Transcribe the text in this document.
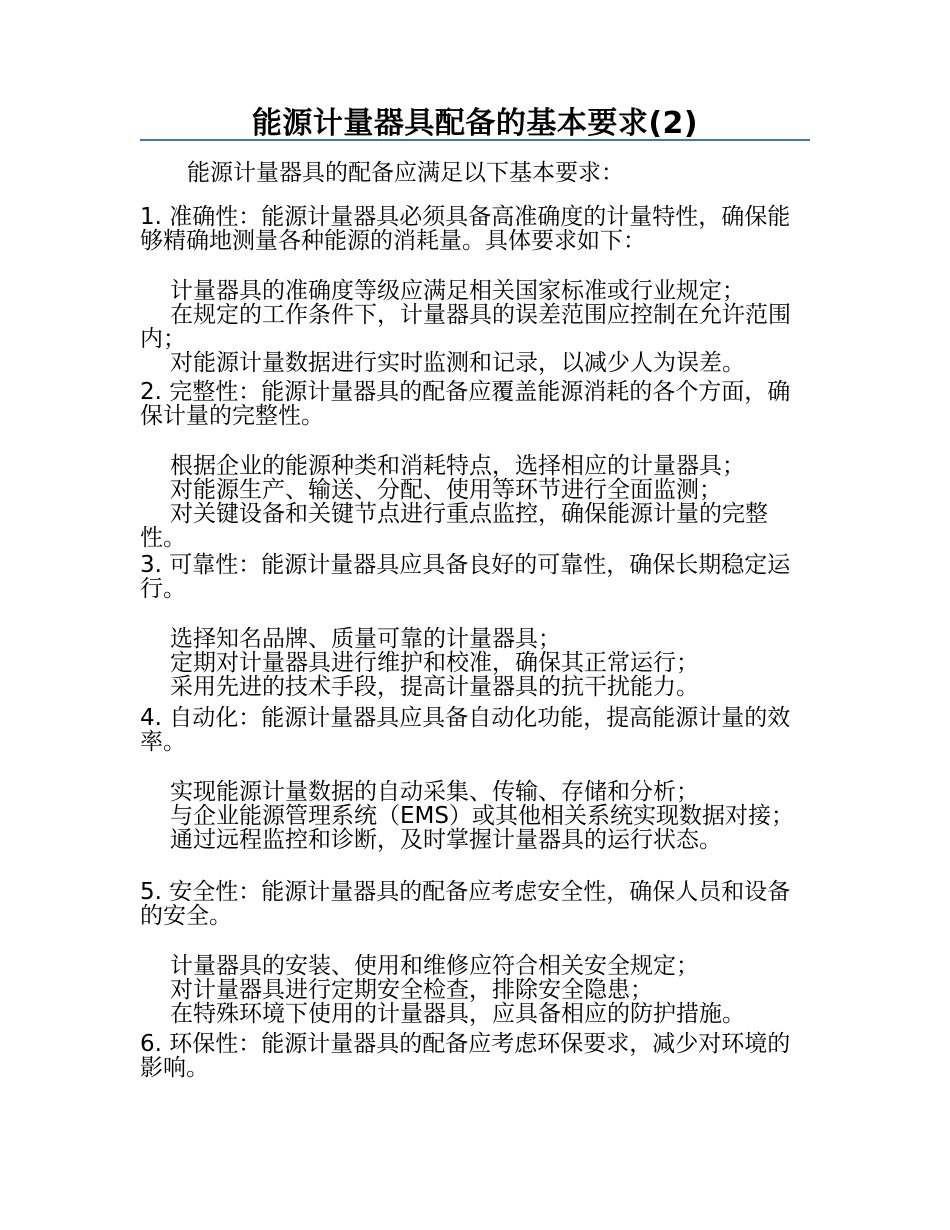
能源计量器具配备的基本要求(2)
能源计量器具的配备应满足以下基本要求：

1. 准确性：能源计量器具必须具备高准确度的计量特性，确保能够精确地测量各种能源的消耗量。具体要求如下：

计量器具的准确度等级应满足相关国家标准或行业规定；

在规定的工作条件下，计量器具的误差范围应控制在允许范围内；

对能源计量数据进行实时监测和记录，以减少人为误差。

2. 完整性：能源计量器具的配备应覆盖能源消耗的各个方面，确保计量的完整性。

根据企业的能源种类和消耗特点，选择相应的计量器具；

对能源生产、输送、分配、使用等环节进行全面监测；

对关键设备和关键节点进行重点监控，确保能源计量的完整性。

3. 可靠性：能源计量器具应具备良好的可靠性，确保长期稳定运行。

选择知名品牌、质量可靠的计量器具；

定期对计量器具进行维护和校准，确保其正常运行；

采用先进的技术手段，提高计量器具的抗干扰能力。

4. 自动化：能源计量器具应具备自动化功能，提高能源计量的效率。

实现能源计量数据的自动采集、传输、存储和分析；

与企业能源管理系统（EMS）或其他相关系统实现数据对接；

通过远程监控和诊断，及时掌握计量器具的运行状态。

5. 安全性：能源计量器具的配备应考虑安全性，确保人员和设备的安全。

计量器具的安装、使用和维修应符合相关安全规定；

对计量器具进行定期安全检查，排除安全隐患；

在特殊环境下使用的计量器具，应具备相应的防护措施。

6. 环保性：能源计量器具的配备应考虑环保要求，减少对环境的影响。
